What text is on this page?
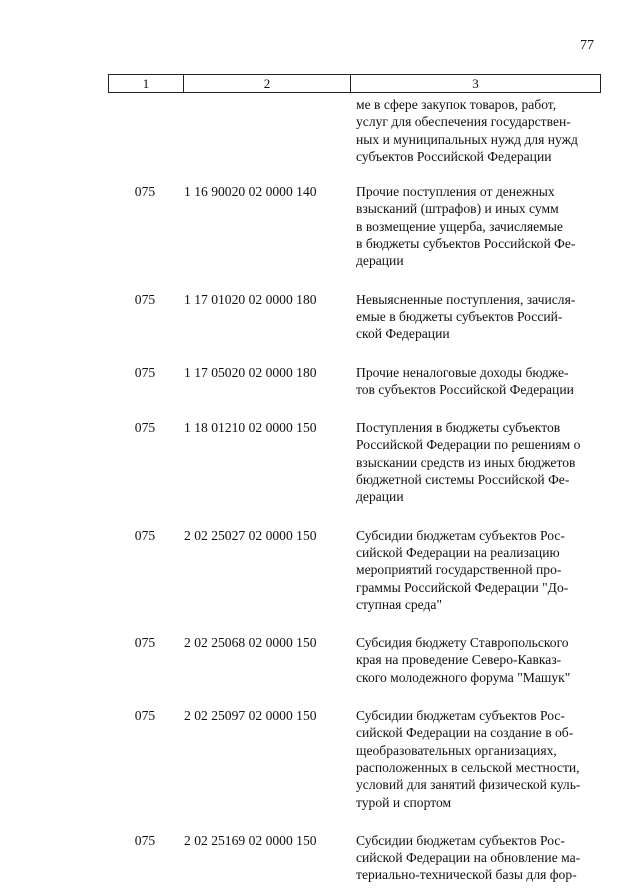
77
1	2	3
ме в сфере закупок товаров, работ,
услуг для обеспечения государствен-
ных и муниципальных нужд для нужд
субъектов Российской Федерации
075	1 16 90020 02 0000 140	Прочие поступления от денежных
взысканий (штрафов) и иных сумм
в возмещение ущерба, зачисляемые
в бюджеты субъектов Российской Фе-
дерации
075	1 17 01020 02 0000 180	Невыясненные поступления, зачисля-
емые в бюджеты субъектов Россий-
ской Федерации
075	1 17 05020 02 0000 180	Прочие неналоговые доходы бюдже-
тов субъектов Российской Федерации
075	1 18 01210 02 0000 150	Поступления в бюджеты субъектов
Российской Федерации по решениям о
взыскании средств из иных бюджетов
бюджетной системы Российской Фе-
дерации
075	2 02 25027 02 0000 150	Субсидии бюджетам субъектов Рос-
сийской Федерации на реализацию
мероприятий государственной про-
граммы Российской Федерации "До-
ступная среда"
075	2 02 25068 02 0000 150	Субсидия бюджету Ставропольского
края на проведение Северо-Кавказ-
ского молодежного форума "Машук"
075	2 02 25097 02 0000 150	Субсидии бюджетам субъектов Рос-
сийской Федерации на создание в об-
щеобразовательных организациях,
расположенных в сельской местности,
условий для занятий физической куль-
турой и спортом
075	2 02 25169 02 0000 150	Субсидии бюджетам субъектов Рос-
сийской Федерации на обновление ма-
териально-технической базы для фор-
